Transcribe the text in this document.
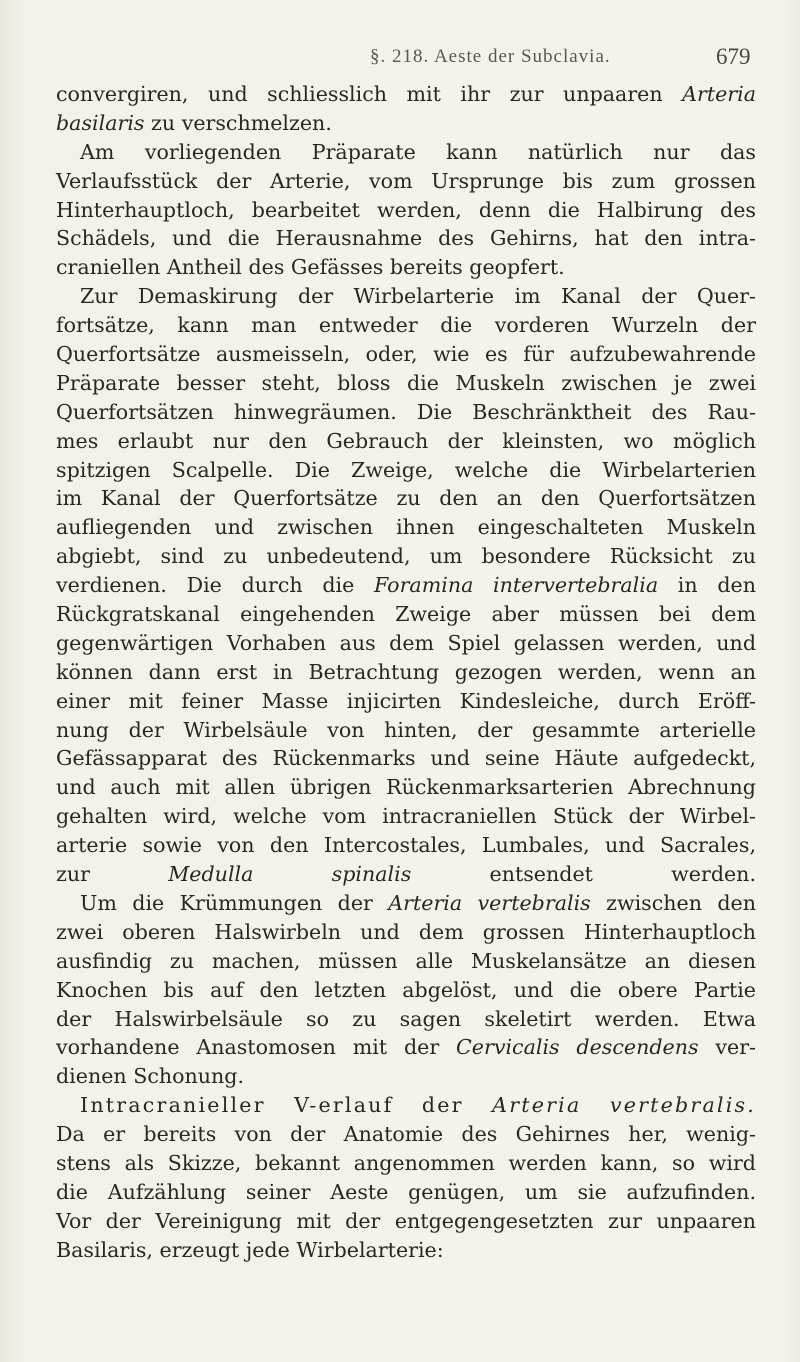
§. 218. Aeste der Subclavia.	679
convergiren, und schliesslich mit ihr zur unpaaren Arteria
basilaris zu verschmelzen.
Am vorliegenden Präparate kann natürlich nur das
Verlaufsstück der Arterie, vom Ursprunge bis zum grossen
Hinterhauptloch, bearbeitet werden, denn die Halbirung des
Schädels, und die Herausnahme des Gehirns, hat den intra-
craniellen Antheil des Gefässes bereits geopfert.
Zur Demaskirung der Wirbelarterie im Kanal der Quer-
fortsätze, kann man entweder die vorderen Wurzeln der
Querfortsätze ausmeisseln, oder, wie es für aufzubewahrende
Präparate besser steht, bloss die Muskeln zwischen je zwei
Querfortsätzen hinwegräumen. Die Beschränktheit des Rau-
mes erlaubt nur den Gebrauch der kleinsten, wo möglich
spitzigen Scalpelle. Die Zweige, welche die Wirbelarterien
im Kanal der Querfortsätze zu den an den Querfortsätzen
aufliegenden und zwischen ihnen eingeschalteten Muskeln
abgiebt, sind zu unbedeutend, um besondere Rücksicht zu
verdienen. Die durch die Foramina intervertebralia in den
Rückgratskanal eingehenden Zweige aber müssen bei dem
gegenwärtigen Vorhaben aus dem Spiel gelassen werden, und
können dann erst in Betrachtung gezogen werden, wenn an
einer mit feiner Masse injicirten Kindesleiche, durch Eröff-
nung der Wirbelsäule von hinten, der gesammte arterielle
Gefässapparat des Rückenmarks und seine Häute aufgedeckt,
und auch mit allen übrigen Rückenmarksarterien Abrechnung
gehalten wird, welche vom intracraniellen Stück der Wirbel-
arterie sowie von den Intercostales, Lumbales, und Sacrales,
zur Medulla spinalis entsendet werden.
Um die Krümmungen der Arteria vertebralis zwischen den
zwei oberen Halswirbeln und dem grossen Hinterhauptloch
ausfindig zu machen, müssen alle Muskelansätze an diesen
Knochen bis auf den letzten abgelöst, und die obere Partie
der Halswirbelsäule so zu sagen skeletirt werden. Etwa
vorhandene Anastomosen mit der Cervicalis descendens ver-
dienen Schonung.
Intracranieller V-erlauf der Arteria vertebralis.
Da er bereits von der Anatomie des Gehirnes her, wenig-
stens als Skizze, bekannt angenommen werden kann, so wird
die Aufzählung seiner Aeste genügen, um sie aufzufinden.
Vor der Vereinigung mit der entgegengesetzten zur unpaaren
Basilaris, erzeugt jede Wirbelarterie:
